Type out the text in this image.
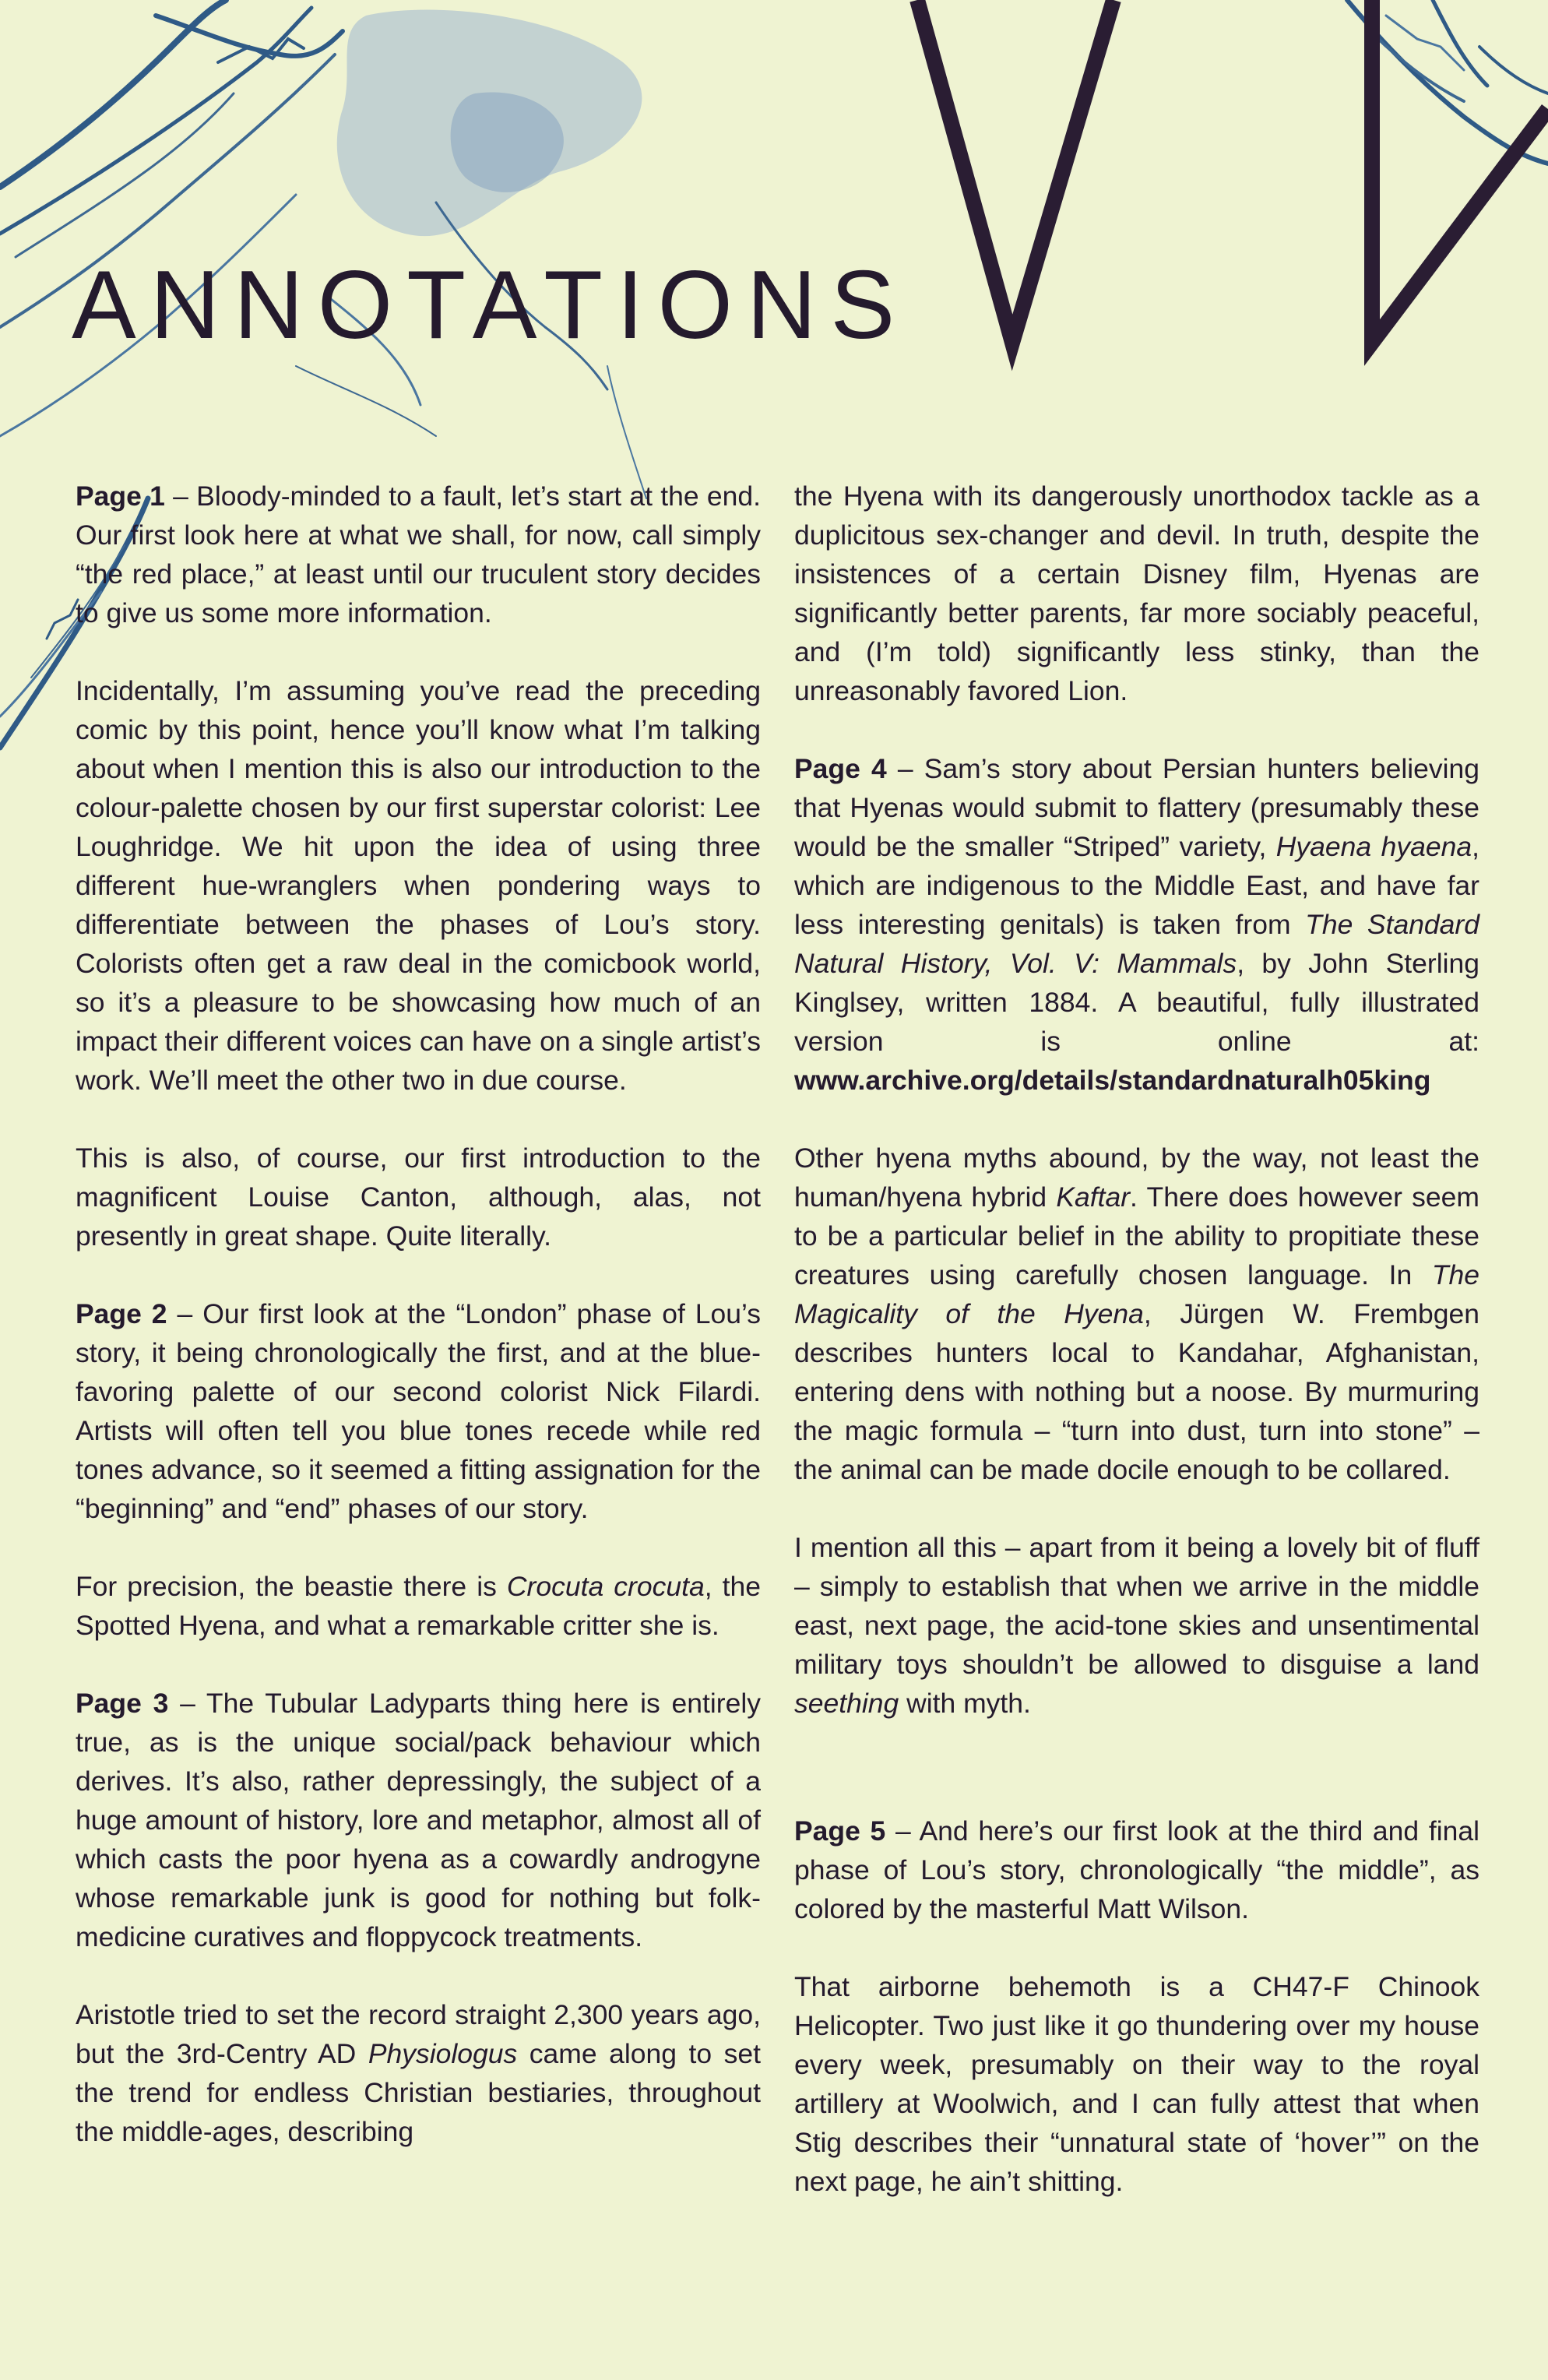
ANNOTATIONS

Page 1 – Bloody-minded to a fault, let’s start at the end. Our first look here at what we shall, for now, call simply “the red place,” at least until our truculent story decides to give us some more information.

Incidentally, I’m assuming you’ve read the preceding comic by this point, hence you’ll know what I’m talking about when I mention this is also our introduction to the colour-palette chosen by our first superstar colorist: Lee Loughridge. We hit upon the idea of using three different hue-wranglers when pondering ways to differentiate between the phases of Lou’s story. Colorists often get a raw deal in the comicbook world, so it’s a pleasure to be showcasing how much of an impact their different voices can have on a single artist’s work. We’ll meet the other two in due course.

This is also, of course, our first introduction to the magnificent Louise Canton, although, alas, not presently in great shape. Quite literally.

Page 2 – Our first look at the “London” phase of Lou’s story, it being chronologically the first, and at the blue-favoring palette of our second colorist Nick Filardi. Artists will often tell you blue tones recede while red tones advance, so it seemed a fitting assignation for the “beginning” and “end” phases of our story.

For precision, the beastie there is Crocuta crocuta, the Spotted Hyena, and what a remarkable critter she is.

Page 3 – The Tubular Ladyparts thing here is entirely true, as is the unique social/pack behaviour which derives. It’s also, rather depressingly, the subject of a huge amount of history, lore and metaphor, almost all of which casts the poor hyena as a cowardly androgyne whose remarkable junk is good for nothing but folk-medicine curatives and floppycock treatments.

Aristotle tried to set the record straight 2,300 years ago, but the 3rd-Centry AD Physiologus came along to set the trend for endless Christian bestiaries, throughout the middle-ages, describing

the Hyena with its dangerously unorthodox tackle as a duplicitous sex-changer and devil. In truth, despite the insistences of a certain Disney film, Hyenas are significantly better parents, far more sociably peaceful, and (I’m told) significantly less stinky, than the unreasonably favored Lion.

Page 4 – Sam’s story about Persian hunters believing that Hyenas would submit to flattery (presumably these would be the smaller “Striped” variety, Hyaena hyaena, which are indigenous to the Middle East, and have far less interesting genitals) is taken from The Standard Natural History, Vol. V: Mammals, by John Sterling Kinglsey, written 1884. A beautiful, fully illustrated version is online at: www.archive.org/details/standardnaturalh05king

Other hyena myths abound, by the way, not least the human/hyena hybrid Kaftar. There does however seem to be a particular belief in the ability to propitiate these creatures using carefully chosen language. In The Magicality of the Hyena, Jürgen W. Frembgen describes hunters local to Kandahar, Afghanistan, entering dens with nothing but a noose. By murmuring the magic formula – “turn into dust, turn into stone” – the animal can be made docile enough to be collared.

I mention all this – apart from it being a lovely bit of fluff – simply to establish that when we arrive in the middle east, next page, the acid-tone skies and unsentimental military toys shouldn’t be allowed to disguise a land seething with myth.

Page 5 – And here’s our first look at the third and final phase of Lou’s story, chronologically “the middle”, as colored by the masterful Matt Wilson.

That airborne behemoth is a CH47-F Chinook Helicopter. Two just like it go thundering over my house every week, presumably on their way to the royal artillery at Woolwich, and I can fully attest that when Stig describes their “unnatural state of ‘hover’” on the next page, he ain’t shitting.
